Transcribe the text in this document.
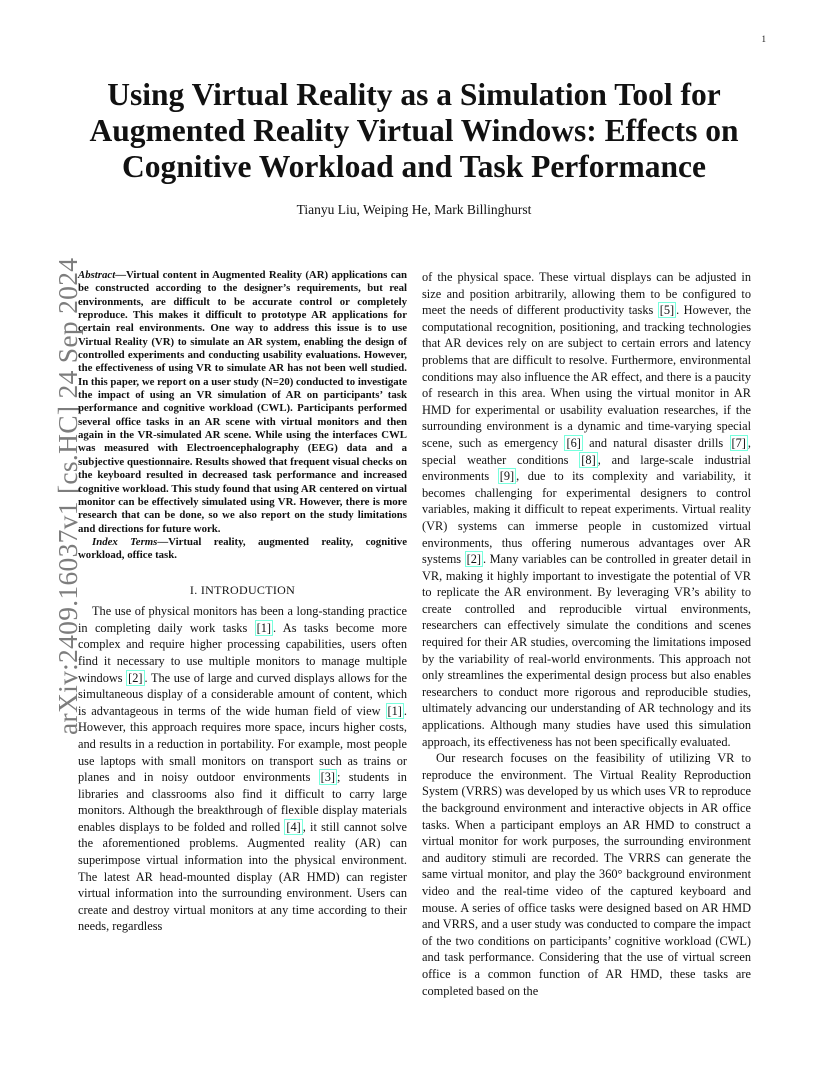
1
arXiv:2409.16037v1 [cs.HC] 24 Sep 2024
Using Virtual Reality as a Simulation Tool for Augmented Reality Virtual Windows: Effects on Cognitive Workload and Task Performance
Tianyu Liu, Weiping He, Mark Billinghurst

Abstract—Virtual content in Augmented Reality (AR) applications can be constructed according to the designer’s requirements, but real environments, are difficult to be accurate control or completely reproduce. This makes it difficult to prototype AR applications for certain real environments. One way to address this issue is to use Virtual Reality (VR) to simulate an AR system, enabling the design of controlled experiments and conducting usability evaluations. However, the effectiveness of using VR to simulate AR has not been well studied. In this paper, we report on a user study (N=20) conducted to investigate the impact of using an VR simulation of AR on participants’ task performance and cognitive workload (CWL). Participants performed several office tasks in an AR scene with virtual monitors and then again in the VR-simulated AR scene. While using the interfaces CWL was measured with Electroencephalography (EEG) data and a subjective questionnaire. Results showed that frequent visual checks on the keyboard resulted in decreased task performance and increased cognitive workload. This study found that using AR centered on virtual monitor can be effectively simulated using VR. However, there is more research that can be done, so we also report on the study limitations and directions for future work.

Index Terms—Virtual reality, augmented reality, cognitive workload, office task.

I. INTRODUCTION

The use of physical monitors has been a long-standing practice in completing daily work tasks [1] . As tasks become more complex and require higher processing capabilities, users often find it necessary to use multiple monitors to manage multiple windows [2] . The use of large and curved displays allows for the simultaneous display of a considerable amount of content, which is advantageous in terms of the wide human field of view [1] . However, this approach requires more space, incurs higher costs, and results in a reduction in portability. For example, most people use laptops with small monitors on transport such as trains or planes and in noisy outdoor environments [3] ; students in libraries and classrooms also find it difficult to carry large monitors. Although the breakthrough of flexible display materials enables displays to be folded and rolled [4] , it still cannot solve the aforementioned problems. Augmented reality (AR) can superimpose virtual information into the physical environment. The latest AR head-mounted display (AR HMD) can register virtual information into the surrounding environment. Users can create and destroy virtual monitors at any time according to their needs, regardless

of the physical space. These virtual displays can be adjusted in size and position arbitrarily, allowing them to be configured to meet the needs of different productivity tasks [5] . However, the computational recognition, positioning, and tracking technologies that AR devices rely on are subject to certain errors and latency problems that are difficult to resolve. Furthermore, environmental conditions may also influence the AR effect, and there is a paucity of research in this area. When using the virtual monitor in AR HMD for experimental or usability evaluation researches, if the surrounding environment is a dynamic and time-varying special scene, such as emergency [6] and natural disaster drills [7] , special weather conditions [8] , and large-scale industrial environments [9] , due to its complexity and variability, it becomes challenging for experimental designers to control variables, making it difficult to repeat experiments. Virtual reality (VR) systems can immerse people in customized virtual environments, thus offering numerous advantages over AR systems [2] . Many variables can be controlled in greater detail in VR, making it highly important to investigate the potential of VR to replicate the AR environment. By leveraging VR’s ability to create controlled and reproducible virtual environments, researchers can effectively simulate the conditions and scenes required for their AR studies, overcoming the limitations imposed by the variability of real-world environments. This approach not only streamlines the experimental design process but also enables researchers to conduct more rigorous and reproducible studies, ultimately advancing our understanding of AR technology and its applications. Although many studies have used this simulation approach, its effectiveness has not been specifically evaluated.

Our research focuses on the feasibility of utilizing VR to reproduce the environment. The Virtual Reality Reproduction System (VRRS) was developed by us which uses VR to reproduce the background environment and interactive objects in AR office tasks. When a participant employs an AR HMD to construct a virtual monitor for work purposes, the surrounding environment and auditory stimuli are recorded. The VRRS can generate the same virtual monitor, and play the 360° background environment video and the real-time video of the captured keyboard and mouse. A series of office tasks were designed based on AR HMD and VRRS, and a user study was conducted to compare the impact of the two conditions on participants’ cognitive workload (CWL) and task performance. Considering that the use of virtual screen office is a common function of AR HMD, these tasks are completed based on the
